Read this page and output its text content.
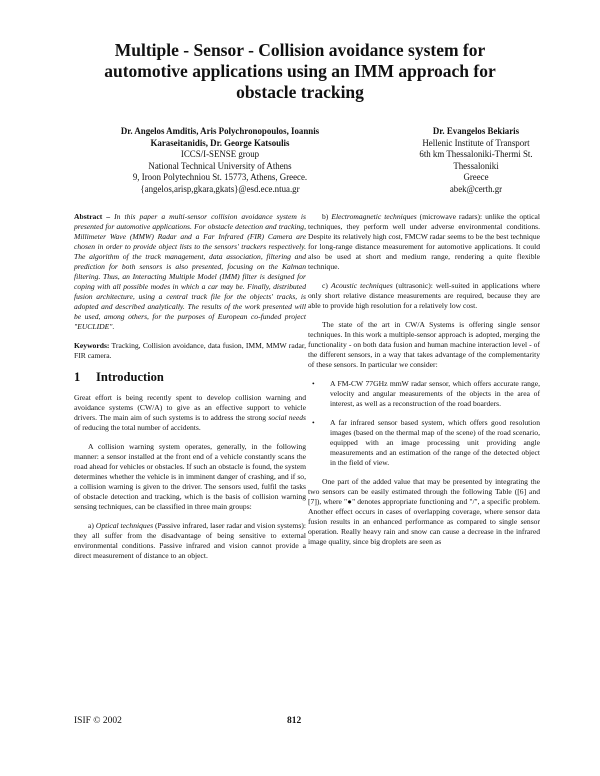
Multiple - Sensor - Collision avoidance system for
automotive applications using an IMM approach for
obstacle tracking
Dr. Angelos Amditis, Aris Polychronopoulos, Ioannis
Karaseitanidis, Dr. George Katsoulis
ICCS/I-SENSE group
National Technical University of Athens
9, Iroon Polytechniou St. 15773, Athens, Greece.
{angelos,arisp,gkara,gkats}@esd.ece.ntua.gr
Dr. Evangelos Bekiaris
Hellenic Institute of Transport
6th km Thessaloniki-Thermi St.
Thessaloniki
Greece
abek@certh.gr

Abstract – In this paper a multi-sensor collision avoidance system is presented for automotive applications. For obstacle detection and tracking, Millimeter Wave (MMW) Radar and a Far Infrared (FIR) Camera are chosen in order to provide object lists to the sensors' trackers respectively. The algorithm of the track management, data association, filtering and prediction for both sensors is also presented, focusing on the Kalman filtering. Thus, an Interacting Multiple Model (IMM) filter is designed for coping with all possible modes in which a car may be. Finally, distributed fusion architecture, using a central track file for the objects' tracks, is adopted and described analytically. The results of the work presented will be used, among others, for the purposes of European co-funded project "EUCLIDE".

Keywords: Tracking, Collision avoidance, data fusion, IMM, MMW radar, FIR camera.

1 Introduction

Great effort is being recently spent to develop collision warning and avoidance systems (CW/A) to give as an effective support to vehicle drivers. The main aim of such systems is to address the strong social needs of reducing the total number of accidents.

A collision warning system operates, generally, in the following manner: a sensor installed at the front end of a vehicle constantly scans the road ahead for vehicles or obstacles. If such an obstacle is found, the system determines whether the vehicle is in imminent danger of crashing, and if so, a collision warning is given to the driver. The sensors used, fulfil the tasks of obstacle detection and tracking, which is the basis of collision warning sensing techniques, can be classified in three main groups:

a) Optical techniques (Passive infrared, laser radar and vision systems): they all suffer from the disadvantage of being sensitive to external environmental conditions. Passive infrared and vision cannot provide a direct measurement of distance to an object.

b) Electromagnetic techniques (microwave radars): unlike the optical techniques, they perform well under adverse environmental conditions. Despite its relatively high cost, FMCW radar seems to be the best technique for long-range distance measurement for automotive applications. It could also be used at short and medium range, rendering a quite flexible technique.

c) Acoustic techniques (ultrasonic): well-suited in applications where only short relative distance measurements are required, because they are able to provide high resolution for a relatively low cost.

The state of the art in CW/A Systems is offering single sensor techniques. In this work a multiple-sensor approach is adopted, merging the functionality - on both data fusion and human machine interaction level - of the different sensors, in a way that takes advantage of the complementarity of these sensors. In particular we consider:

• A FM-CW 77GHz mmW radar sensor, which offers accurate range, velocity and angular measurements of the objects in the area of interest, as well as a reconstruction of the road boarders.
• A far infrared sensor based system, which offers good resolution images (based on the thermal map of the scene) of the road scenario, equipped with an image processing unit providing angle measurements and an estimation of the range of the detected object in the field of view.

One part of the added value that may be presented by integrating the two sensors can be easily estimated through the following Table ([6] and [7]), where "●" denotes appropriate functioning and "/", a specific problem. Another effect occurs in cases of overlapping coverage, where sensor data fusion results in an enhanced performance as compared to single sensor operation. Really heavy rain and snow can cause a decrease in the infrared image quality, since big droplets are seen as

ISIF © 2002	812
